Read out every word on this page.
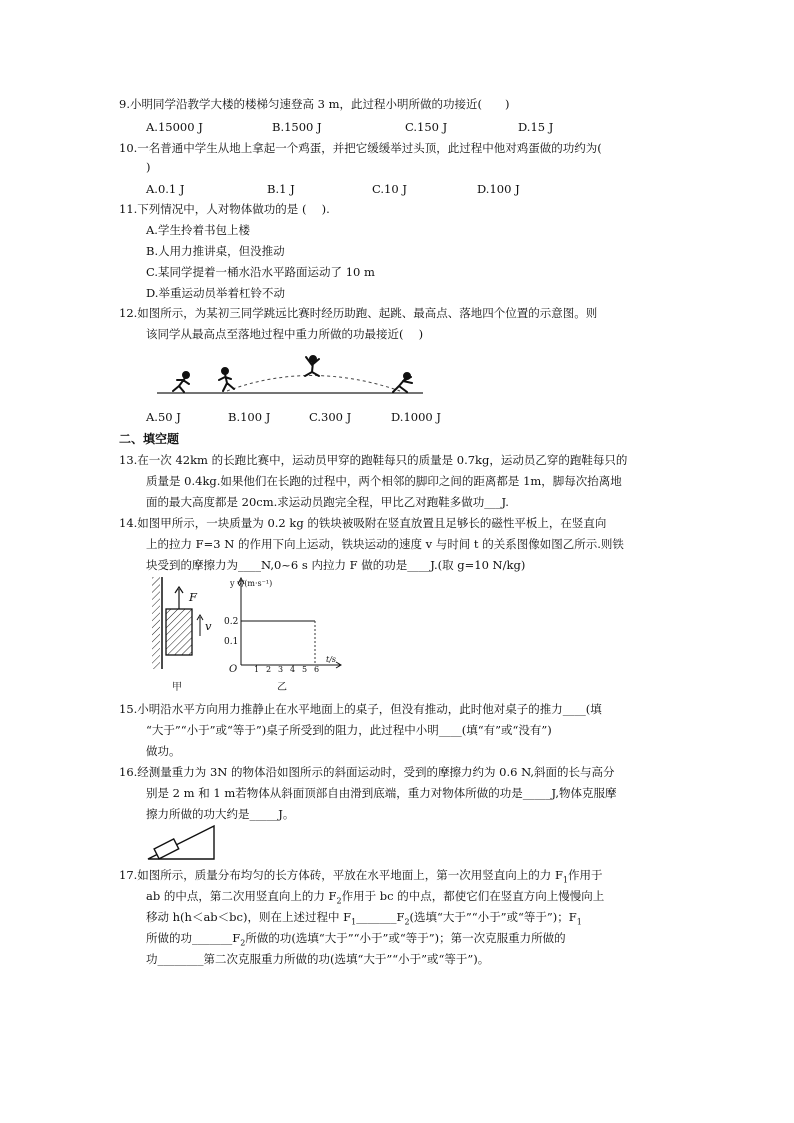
9.小明同学沿教学大楼的楼梯匀速登高 3 m，此过程小明所做的功接近(　　)
A.15000 J	B.1500 J	C.150 J	D.15 J
10.一名普通中学生从地上拿起一个鸡蛋，并把它缓缓举过头顶，此过程中他对鸡蛋做的功约为(
)
A.0.1 J	B.1 J	C.10 J	D.100 J
11.下列情况中，人对物体做功的是 (　 ).
A.学生拎着书包上楼
B.人用力推讲桌，但没推动
C.某同学提着一桶水沿水平路面运动了 10 m
D.举重运动员举着杠铃不动
12.如图所示，为某初三同学跳远比赛时经历助跑、起跳、最高点、落地四个位置的示意图。则
该同学从最高点至落地过程中重力所做的功最接近(　 )
A.50 J	B.100 J	C.300 J	D.1000 J
二、填空题
13.在一次 42km 的长跑比赛中，运动员甲穿的跑鞋每只的质量是 0.7kg，运动员乙穿的跑鞋每只的
质量是 0.4kg.如果他们在长跑的过程中，两个相邻的脚印之间的距离都是 1m，脚每次抬离地
面的最大高度都是 20cm.求运动员跑完全程，甲比乙对跑鞋多做功___J.
14.如图甲所示，一块质量为 0.2 kg 的铁块被吸附在竖直放置且足够长的磁性平板上，在竖直向
上的拉力 F=3 N 的作用下向上运动，铁块运动的速度 v 与时间 t 的关系图像如图乙所示.则铁
块受到的摩擦力为____N,0~6 s 内拉力 F 做的功是____J.(取 g=10 N/kg)
F
v
甲
y v/(m·s⁻¹)
0.2
0.1
O 1 2 3 4 5 6
t/s
乙
15.小明沿水平方向用力推静止在水平地面上的桌子，但没有推动，此时他对桌子的推力____(填
“大于”“小于”或“等于”)桌子所受到的阻力，此过程中小明____(填“有”或“没有”)
做功。
16.经测量重力为 3N 的物体沿如图所示的斜面运动时，受到的摩擦力约为 0.6 N,斜面的长与高分
别是 2 m 和 1 m若物体从斜面顶部自由滑到底端，重力对物体所做的功是_____J,物体克服摩
擦力所做的功大约是_____J。
17.如图所示，质量分布均匀的长方体砖，平放在水平地面上，第一次用竖直向上的力 $F_1$作用于
ab 的中点，第二次用竖直向上的力 $F_2$作用于 bc 的中点，都使它们在竖直方向上慢慢向上
移动 h(h＜ab＜bc)，则在上述过程中 $F_1\_\_\_\_\_\_\_F_2$(选填“大于”“小于”或“等于”)；$F_1$
所做的功$\_\_\_\_\_\_\_F_2$所做的功(选填“大于”“小于”或“等于”)；第一次克服重力所做的
功________第二次克服重力所做的功(选填“大于”“小于”或“等于”)。
